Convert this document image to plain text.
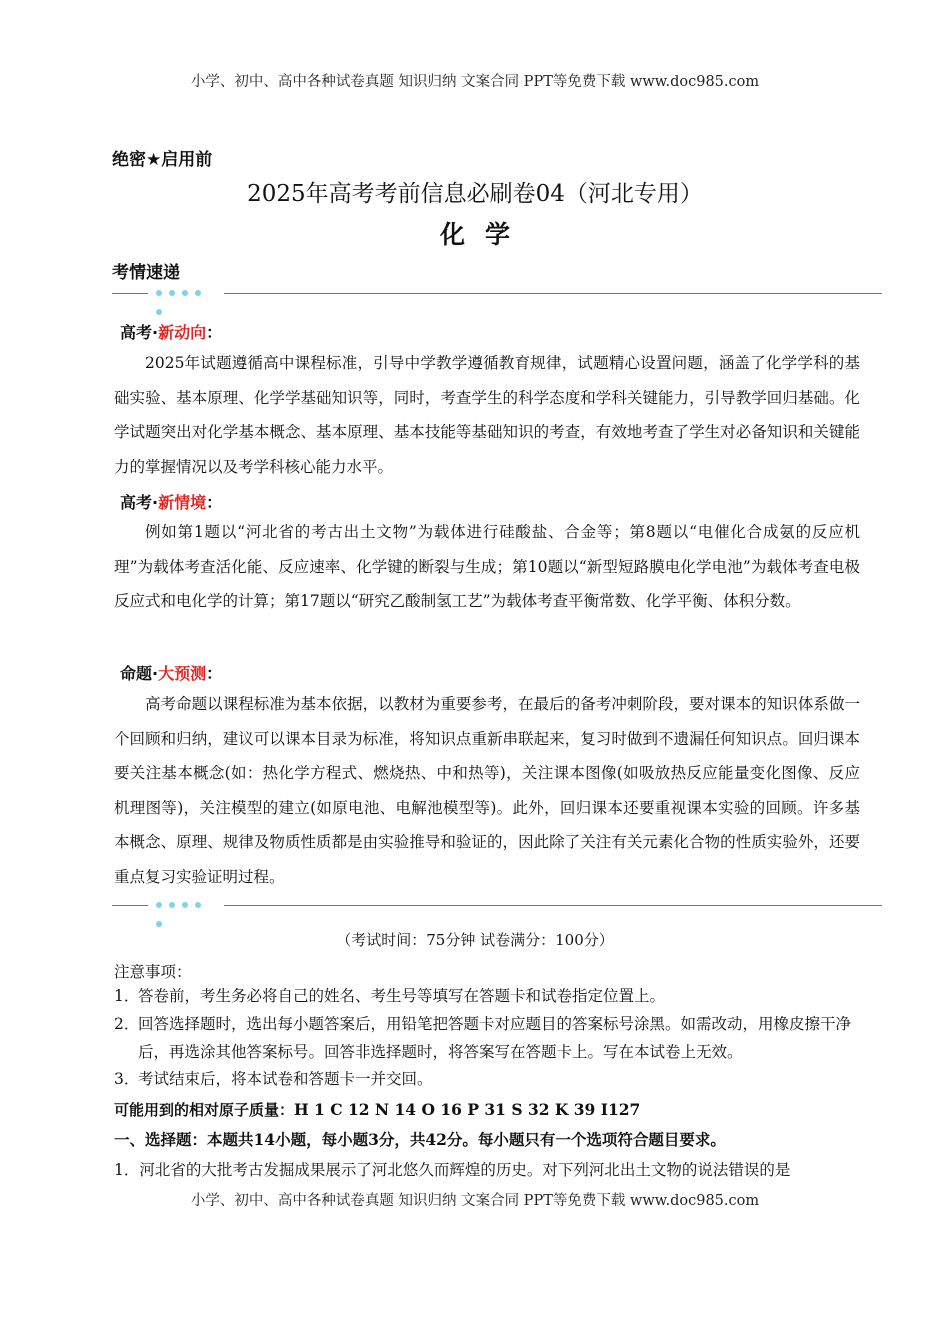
小学、初中、高中各种试卷真题 知识归纳 文案合同 PPT等免费下载 www.doc985.com
绝密★启用前
2025年高考考前信息必刷卷04（河北专用）
化学
考情速递
高考·新动向：
2025年试题遵循高中课程标准，引导中学教学遵循教育规律，试题精心设置问题，涵盖了化学学科的基础实验、基本原理、化学学基础知识等，同时，考查学生的科学态度和学科关键能力，引导教学回归基础。化学试题突出对化学基本概念、基本原理、基本技能等基础知识的考查，有效地考查了学生对必备知识和关键能力的掌握情况以及考学科核心能力水平。
高考·新情境：
例如第1题以“河北省的考古出土文物”为载体进行硅酸盐、合金等；第8题以“电催化合成氨的反应机理”为载体考查活化能、反应速率、化学键的断裂与生成；第10题以“新型短路膜电化学电池”为载体考查电极反应式和电化学的计算；第17题以“研究乙酸制氢工艺”为载体考查平衡常数、化学平衡、体积分数。
命题·大预测：
高考命题以课程标准为基本依据，以教材为重要参考，在最后的备考冲刺阶段，要对课本的知识体系做一个回顾和归纳，建议可以课本目录为标准，将知识点重新串联起来，复习时做到不遗漏任何知识点。回归课本要关注基本概念(如：热化学方程式、燃烧热、中和热等)，关注课本图像(如吸放热反应能量变化图像、反应机理图等)，关注模型的建立(如原电池、电解池模型等)。此外，回归课本还要重视课本实验的回顾。许多基本概念、原理、规律及物质性质都是由实验推导和验证的，因此除了关注有关元素化合物的性质实验外，还要重点复习实验证明过程。
（考试时间：75分钟 试卷满分：100分）
注意事项：
1．
答卷前，考生务必将自己的姓名、考生号等填写在答题卡和试卷指定位置上。
2．
回答选择题时，选出每小题答案后，用铅笔把答题卡对应题目的答案标号涂黑。如需改动，用橡皮擦干净后，再选涂其他答案标号。回答非选择题时，将答案写在答题卡上。写在本试卷上无效。
3．
考试结束后，将本试卷和答题卡一并交回。
可能用到的相对原子质量：H 1 C 12 N 14 O 16 P 31 S 32 K 39 I127
一、选择题：本题共14小题，每小题3分，共42分。每小题只有一个选项符合题目要求。
1．河北省的大批考古发掘成果展示了河北悠久而辉煌的历史。对下列河北出土文物的说法错误的是
小学、初中、高中各种试卷真题 知识归纳 文案合同 PPT等免费下载 www.doc985.com
